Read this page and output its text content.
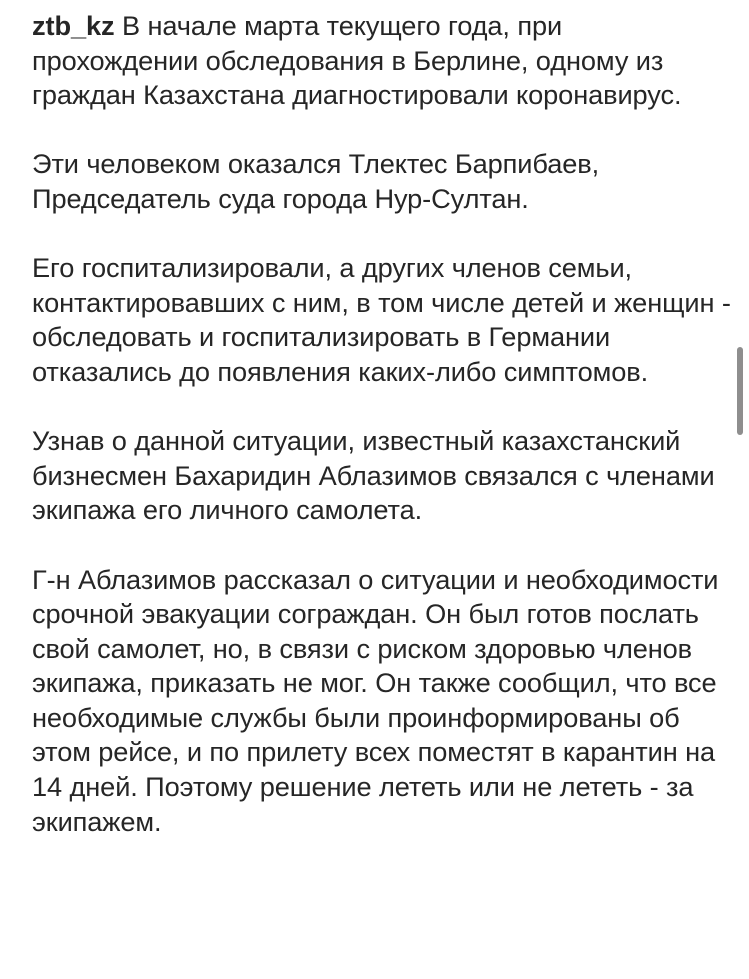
ztb_kz В начале марта текущего года, при прохождении обследования в Берлине, одному из граждан Казахстана диагностировали коронавирус.

Эти человеком оказался Тлектес Барпибаев, Председатель суда города Нур-Султан.

Его госпитализировали, а других членов семьи, контактировавших с ним, в том числе детей и женщин - обследовать и госпитализировать в Германии отказались до появления каких-либо симптомов.

Узнав о данной ситуации, известный казахстанский бизнесмен Бахаридин Аблазимов связался с членами экипажа его личного самолета.

Г-н Аблазимов рассказал о ситуации и необходимости срочной эвакуации сограждан. Он был готов послать свой самолет, но, в связи с риском здоровью членов экипажа, приказать не мог. Он также сообщил, что все необходимые службы были проинформированы об этом рейсе, и по прилету всех поместят в карантин на 14 дней. Поэтому решение лететь или не лететь - за экипажем.
